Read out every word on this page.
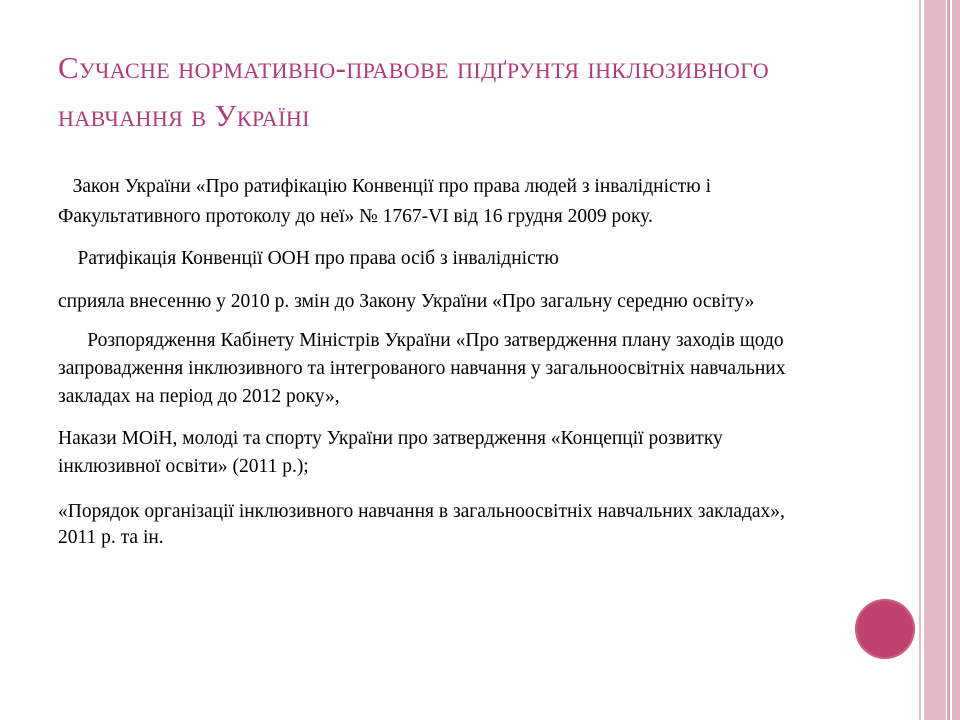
Сучасне нормативно-правове підґрунтя інклюзивного навчання в Україні

Закон України «Про ратифікацію Конвенції про права людей з інвалідністю і Факультативного протоколу до неї» № 1767-VI від 16 грудня 2009 року.

Ратифікація Конвенції ООН про права осіб з інвалідністю

сприяла внесенню у 2010 р. змін до Закону України «Про загальну середню освіту»

Розпорядження Кабінету Міністрів України «Про затвердження плану заходів щодо запровадження інклюзивного та інтегрованого навчання у загальноосвітніх навчальних закладах на період до 2012 року»,

Накази МОіН, молоді та спорту України про затвердження «Концепції розвитку інклюзивної освіти» (2011 р.);

«Порядок організації інклюзивного навчання в загальноосвітніх навчальних закладах», 2011 р. та ін.
